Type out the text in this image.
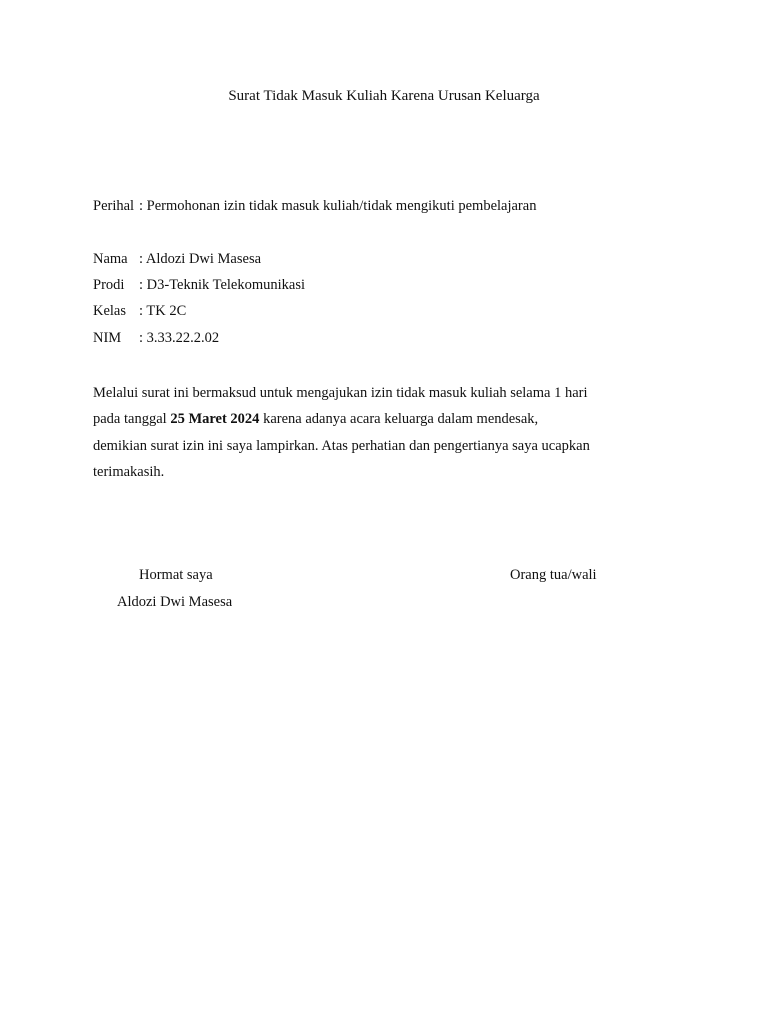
Surat Tidak Masuk Kuliah Karena Urusan Keluarga
Perihal : Permohonan izin tidak masuk kuliah/tidak mengikuti pembelajaran
Nama : Aldozi Dwi Masesa
Prodi : D3-Teknik Telekomunikasi
Kelas : TK 2C
NIM : 3.33.22.2.02
Melalui surat ini bermaksud untuk mengajukan izin tidak masuk kuliah selama 1 hari
pada tanggal 25 Maret 2024 karena adanya acara keluarga dalam mendesak,
demikian surat izin ini saya lampirkan. Atas perhatian dan pengertianya saya ucapkan
terimakasih.
Hormat saya
Aldozi Dwi Masesa
Orang tua/wali
